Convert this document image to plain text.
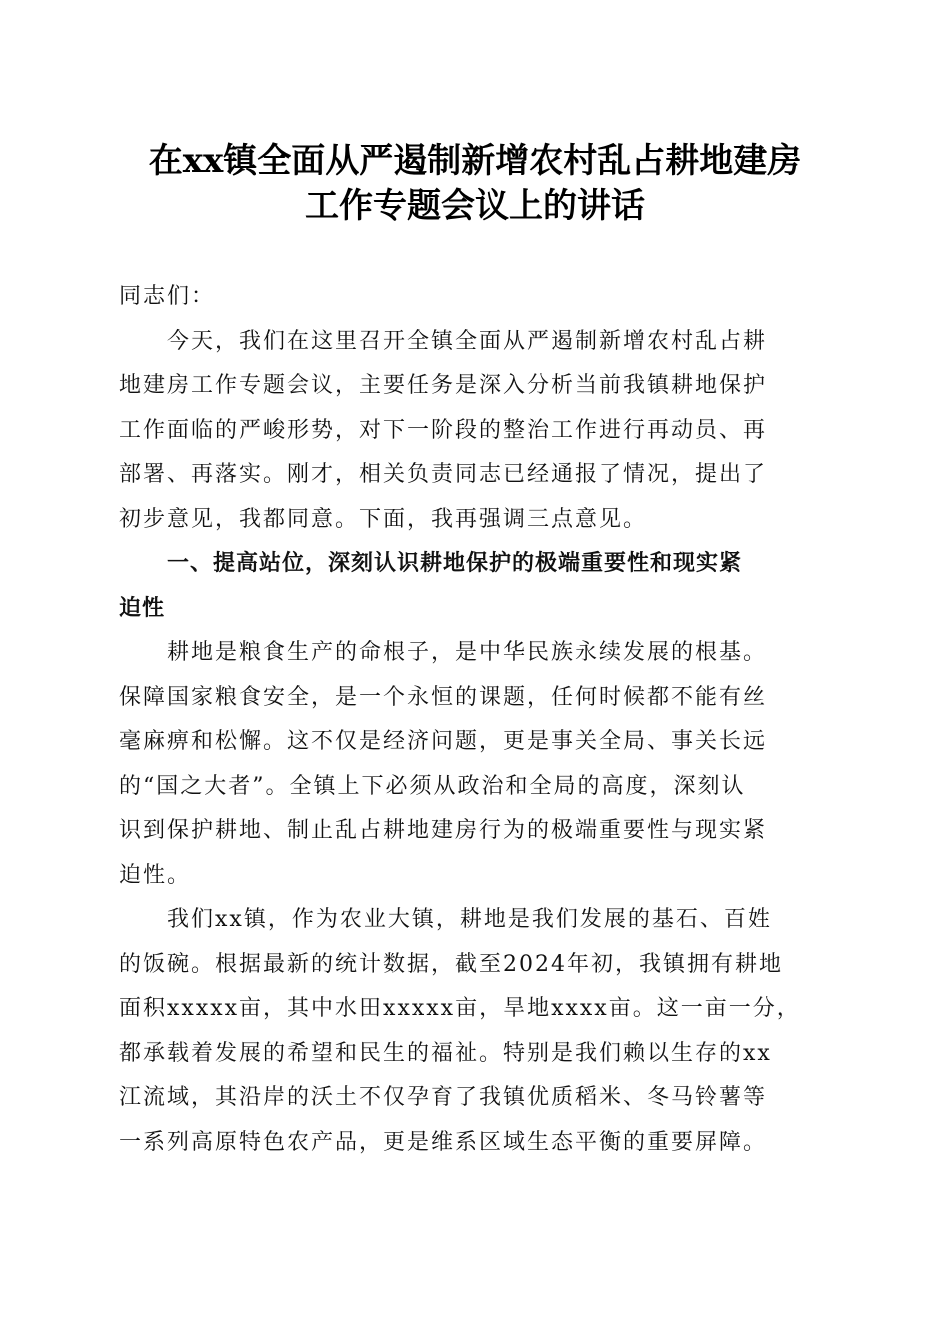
在xx镇全面从严遏制新增农村乱占耕地建房
工作专题会议上的讲话
同志们：
今天，我们在这里召开全镇全面从严遏制新增农村乱占耕
地建房工作专题会议，主要任务是深入分析当前我镇耕地保护
工作面临的严峻形势，对下一阶段的整治工作进行再动员、再
部署、再落实。刚才，相关负责同志已经通报了情况，提出了
初步意见，我都同意。下面，我再强调三点意见。
一、提高站位，深刻认识耕地保护的极端重要性和现实紧
迫性
耕地是粮食生产的命根子，是中华民族永续发展的根基。
保障国家粮食安全，是一个永恒的课题，任何时候都不能有丝
毫麻痹和松懈。这不仅是经济问题，更是事关全局、事关长远
的“国之大者”。全镇上下必须从政治和全局的高度，深刻认
识到保护耕地、制止乱占耕地建房行为的极端重要性与现实紧
迫性。
我们xx镇，作为农业大镇，耕地是我们发展的基石、百姓
的饭碗。根据最新的统计数据，截至2024年初，我镇拥有耕地
面积xxxxx亩，其中水田xxxxx亩，旱地xxxx亩。这一亩一分，
都承载着发展的希望和民生的福祉。特别是我们赖以生存的xx
江流域，其沿岸的沃土不仅孕育了我镇优质稻米、冬马铃薯等
一系列高原特色农产品，更是维系区域生态平衡的重要屏障。
